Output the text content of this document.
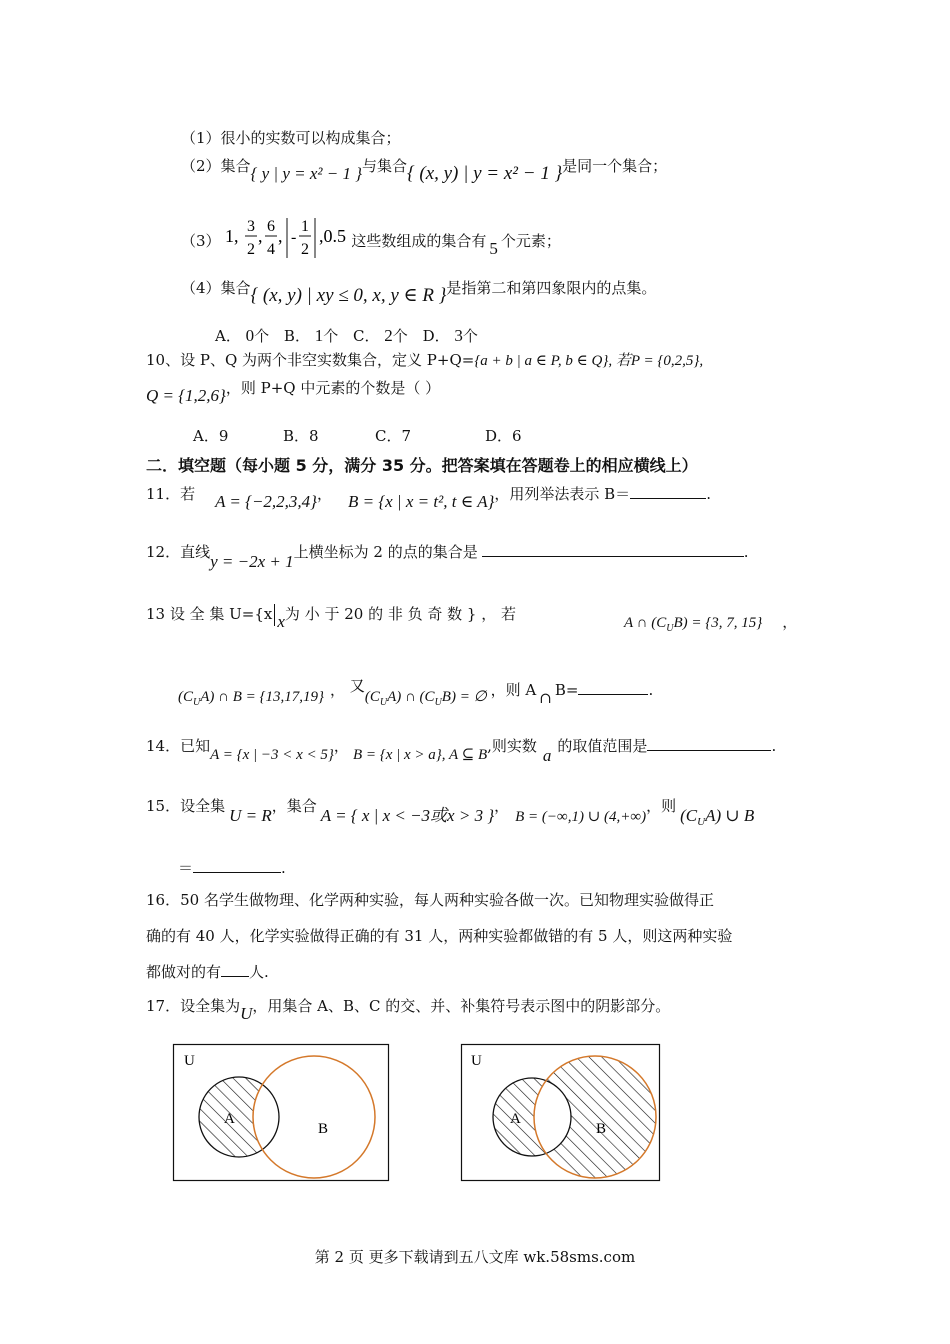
（1）很小的实数可以构成集合；
（2）集合{ y | y = x² − 1 }与集合{ (x, y) | y = x² − 1 }是同一个集合；
（3） 1, 3
2
, 6
4
, -
1
2
,0.5 这些数组成的集合有 5 个元素；
（4）集合{ (x, y) | xy ≤ 0, x, y ∈ R }是指第二和第四象限内的点集。
A． 0个 B． 1个 C． 2个 D． 3个
10、设 P、Q 为两个非空实数集合，定义 P+Q={a + b | a ∈ P, b ∈ Q}, 若P = {0,2,5},
Q = {1,2,6}，则 P+Q 中元素的个数是（ ）
A．9	B．8	C．7	D．6
二．填空题（每小题 5 分，满分 35 分。把答案填在答题卷上的相应横线上）
11．若 A = {−2,2,3,4}， B = {x | x = t², t ∈ A}，用列举法表示 B＝	.
12．直线y = −2x + 1上横坐标为 2 的点的集合是	.
13 设 全 集 U={x x为 小 于 20 的 非 负 奇 数 } ， 若	A ∩ $(C_UB) = \{3$, 7, 15} ，
$(C_UA)$ ∩ B = {13,17,19} ， 又$(C_UA)$ ∩ $(C_UB)$ = ∅ ，则 A ∩ B=	.
14．已知A = {x | −3 < x < 5}， B = {x | x > a}, A ⊆ B,则实数 a 的取值范围是	.
15．设全集 U = R，集合 A = { x | x < −3或x > 3 }，B = (−∞,1) ∪ (4,+∞)，则 $(C_UA)$ ∪ B
＝	.
16．50 名学生做物理、化学两种实验，每人两种实验各做一次。已知物理实验做得正
确的有 40 人，化学实验做得正确的有 31 人，两种实验都做错的有 5 人，则这两种实验
都做对的有 人.
17．设全集为U，用集合 A、B、C 的交、并、补集符号表示图中的阴影部分。
U
A
B
U
A
B
第 2 页 更多下载请到五八文库 wk.58sms.com
